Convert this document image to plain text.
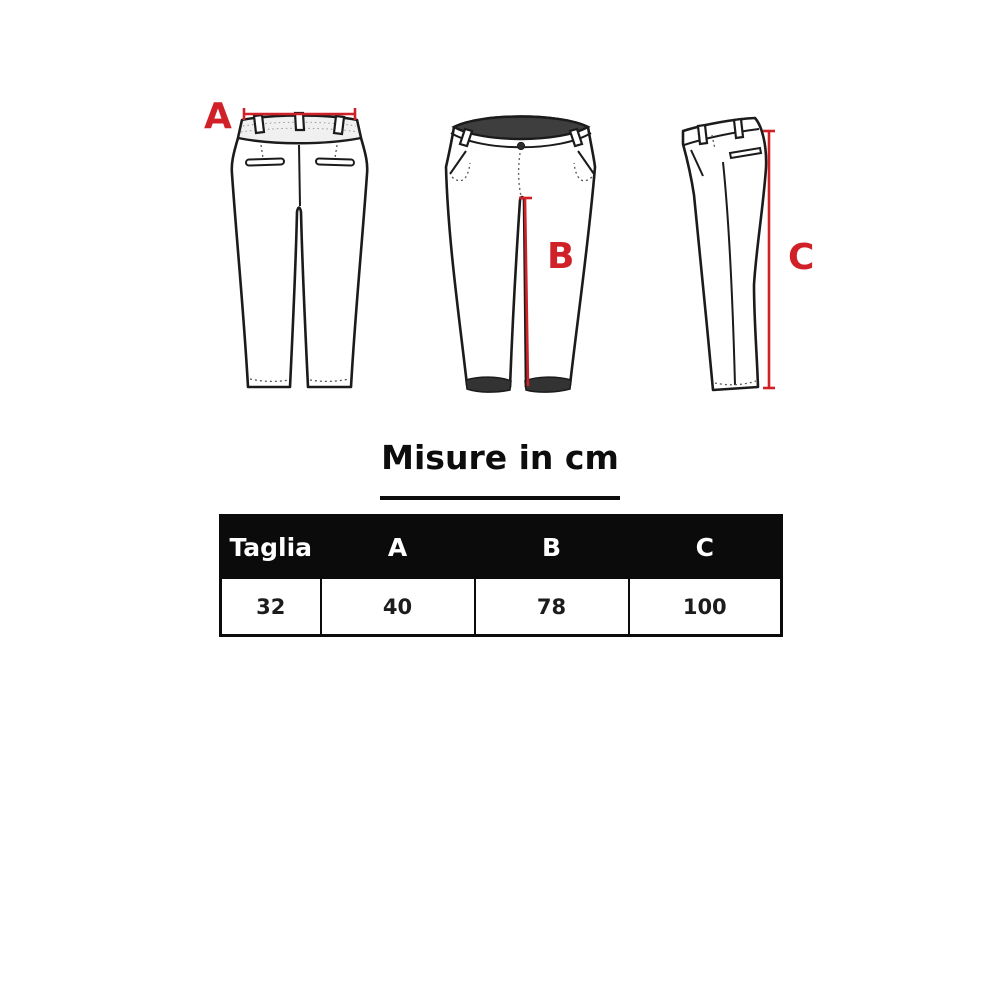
A
B	C
Misure in cm
Taglia	A	B	C
32	40	78	100
